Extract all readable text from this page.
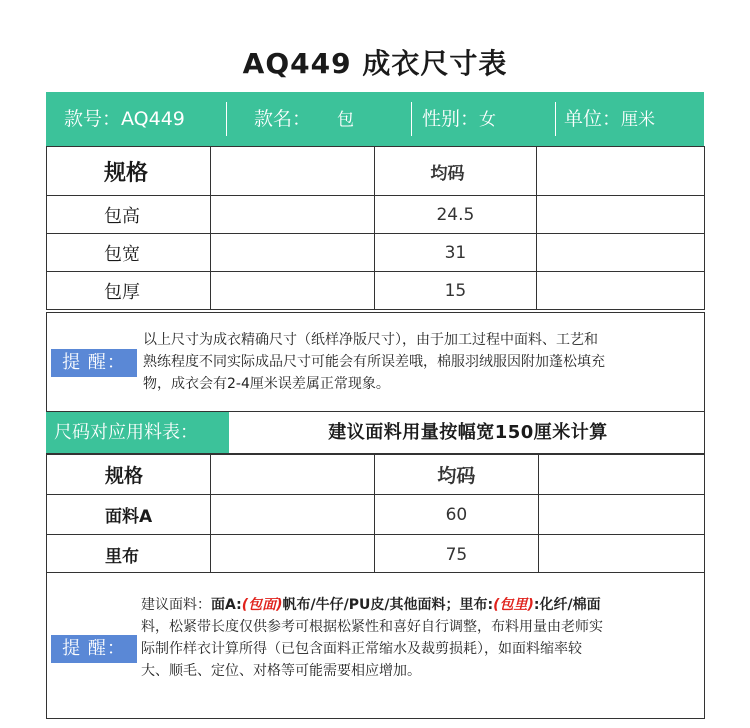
AQ449 成衣尺寸表
款号：AQ449	款名： 包	性别：女	单位：厘米
规格		均码	
包高		24.5	
包宽		31	
包厚		15	
提 醒：
以上尺寸为成衣精确尺寸（纸样净版尺寸），由于加工过程中面料、工艺和
熟练程度不同实际成品尺寸可能会有所误差哦，棉服羽绒服因附加蓬松填充
物，成衣会有2-4厘米误差属正常现象。
尺码对应用料表：	建议面料用量按幅宽150厘米计算
规格		均码	
面料A		60	
里布		75	
提 醒：
建议面料：面A:(包面)帆布/牛仔/PU皮/其他面料；里布:(包里):化纤/棉面
料，松紧带长度仅供参考可根据松紧性和喜好自行调整，布料用量由老师实
际制作样衣计算所得（已包含面料正常缩水及裁剪损耗），如面料缩率较
大、顺毛、定位、对格等可能需要相应增加。
